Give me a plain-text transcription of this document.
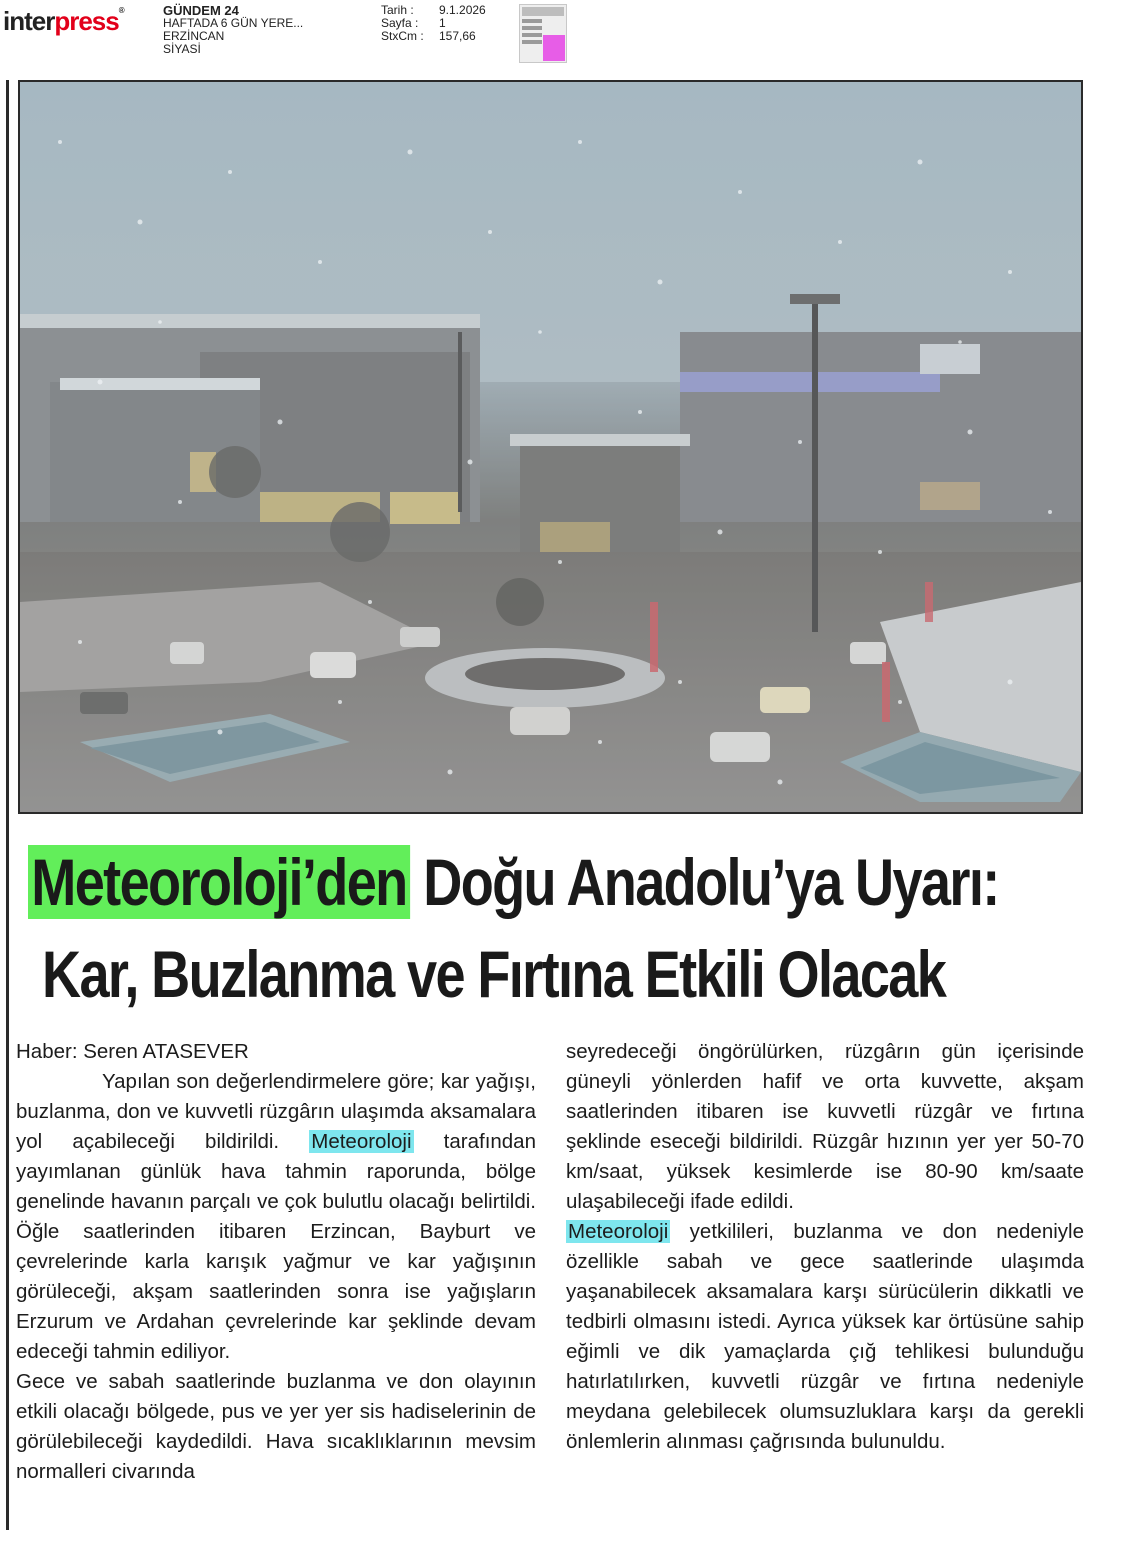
interpress®	GÜNDEM 24
HAFTADA 6 GÜN YERE...
ERZİNCAN
SİYASİ
Tarih :	9.1.2026
Sayfa :	1
StxCm :	157,66
Meteoroloji’den Doğu Anadolu’ya Uyarı:
Kar, Buzlanma ve Fırtına Etkili Olacak

Haber: Seren ATASEVER

Yapılan son değerlendirmelere göre; kar yağışı, buzlanma, don ve kuvvetli rüzgârın ulaşımda aksamalara yol açabileceği bildirildi. Meteoroloji tarafından yayımlanan günlük hava tahmin raporunda, bölge genelinde havanın parçalı ve çok bulutlu olacağı belirtildi. Öğle saatlerinden itibaren Erzincan, Bayburt ve çevrelerinde karla karışık yağmur ve kar yağışının görüleceği, akşam saatlerinden sonra ise yağışların Erzurum ve Ardahan çevrelerinde kar şeklinde devam edeceği tahmin ediliyor.

Gece ve sabah saatlerinde buzlanma ve don olayının etkili olacağı bölgede, pus ve yer yer sis hadiselerinin de görülebileceği kaydedildi. Hava sıcaklıklarının mevsim normalleri civarında

seyredeceği öngörülürken, rüzgârın gün içerisinde güneyli yönlerden hafif ve orta kuvvette, akşam saatlerinden itibaren ise kuvvetli rüzgâr ve fırtına şeklinde eseceği bildirildi. Rüzgâr hızının yer yer 50-70 km/saat, yüksek kesimlerde ise 80-90 km/saate ulaşabileceği ifade edildi.

Meteoroloji yetkilileri, buzlanma ve don nedeniyle özellikle sabah ve gece saatlerinde ulaşımda yaşanabilecek aksamalara karşı sürücülerin dikkatli ve tedbirli olmasını istedi. Ayrıca yüksek kar örtüsüne sahip eğimli ve dik yamaçlarda çığ tehlikesi bulunduğu hatırlatılırken, kuvvetli rüzgâr ve fırtına nedeniyle meydana gelebilecek olumsuzluklara karşı da gerekli önlemlerin alınması çağrısında bulunuldu.
